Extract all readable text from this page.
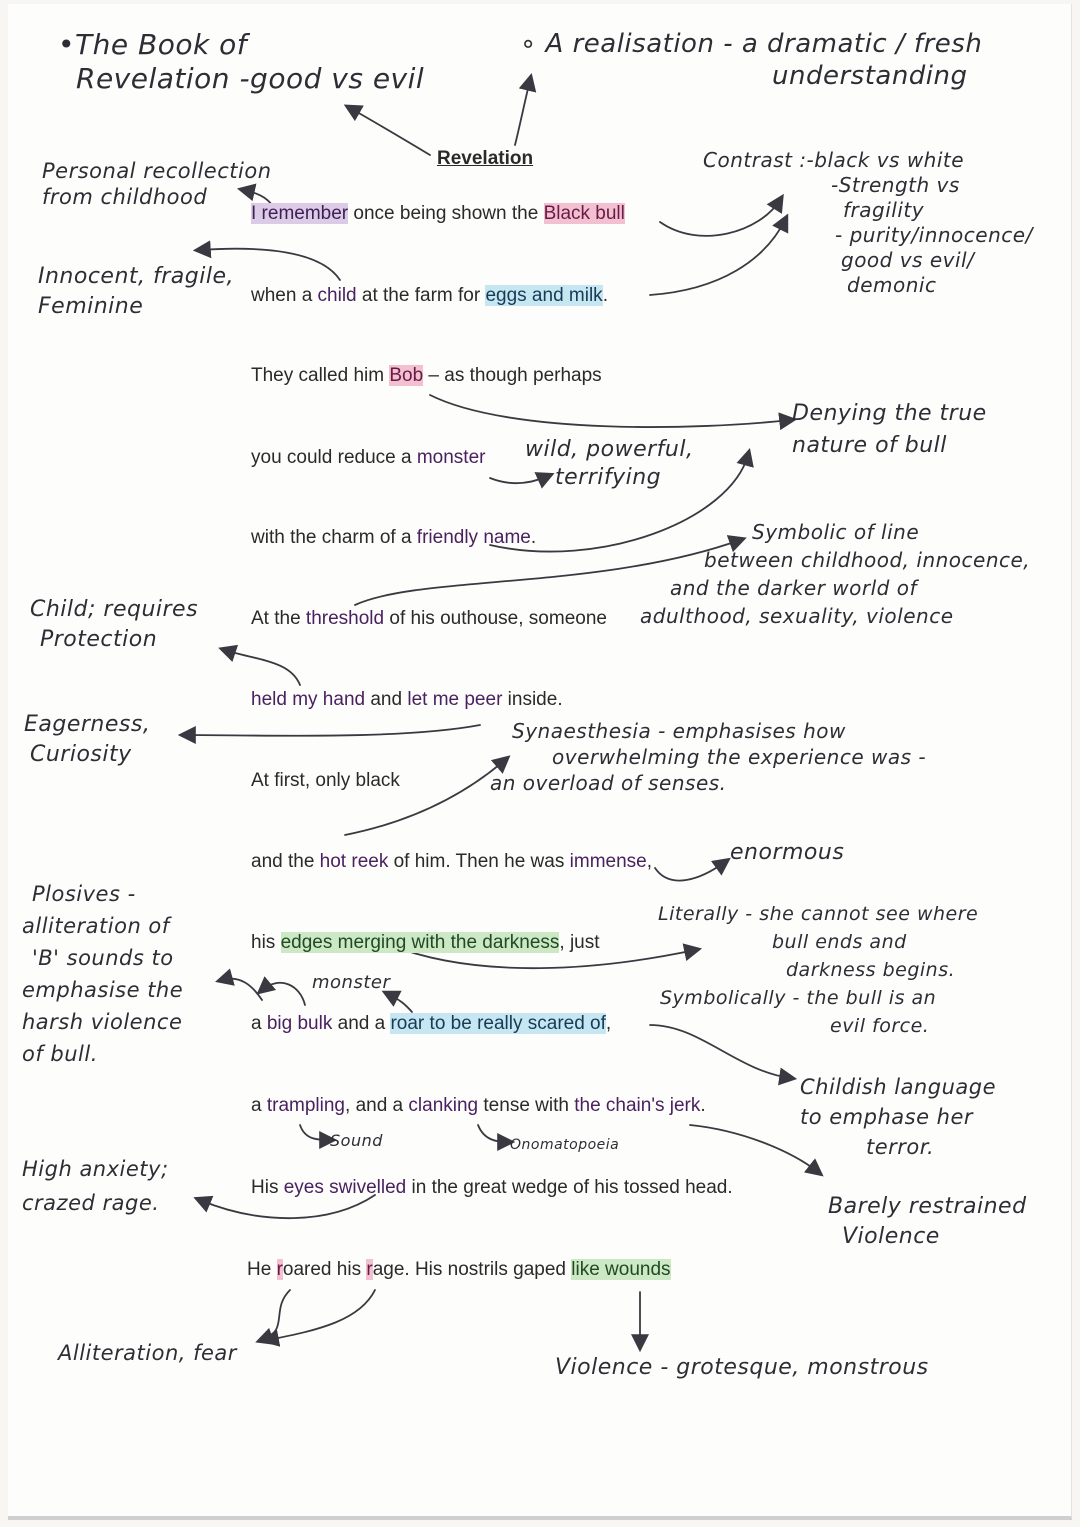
Revelation
I remember once being shown the Black bull
when a child at the farm for eggs and milk.
They called him Bob – as though perhaps
you could reduce a monster
with the charm of a friendly name.
At the threshold of his outhouse, someone
held my hand and let me peer inside.
At first, only black
and the hot reek of him. Then he was immense,
his edges merging with the darkness, just
a big bulk and a roar to be really scared of,
a trampling, and a clanking tense with the chain's jerk.
His eyes swivelled in the great wedge of his tossed head.
He roared his rage. His nostrils gaped like wounds
•The Book of
Revelation -good vs evil
∘ A realisation - a dramatic / fresh
understanding
Personal recollection
from childhood
Innocent, fragile,
Feminine
Contrast :-black vs white
-Strength vs
fragility
- purity/innocence/
good vs evil/
demonic
Denying the true
nature of bull
wild, powerful,
terrifying
Symbolic of line
between childhood, innocence,
and the darker world of
adulthood, sexuality, violence
Child; requires
Protection
Eagerness,
Curiosity
Synaesthesia - emphasises how
overwhelming the experience was -
an overload of senses.
enormous
Plosives -
alliteration of
'B' sounds to
emphasise the
harsh violence
of bull.
Literally - she cannot see where
bull ends and
darkness begins.
Symbolically - the bull is an
evil force.
monster
Childish language
to emphase her
terror.
Sound	Onomatopoeia
Barely restrained
Violence
High anxiety;
crazed rage.
Alliteration, fear
Violence - grotesque, monstrous
